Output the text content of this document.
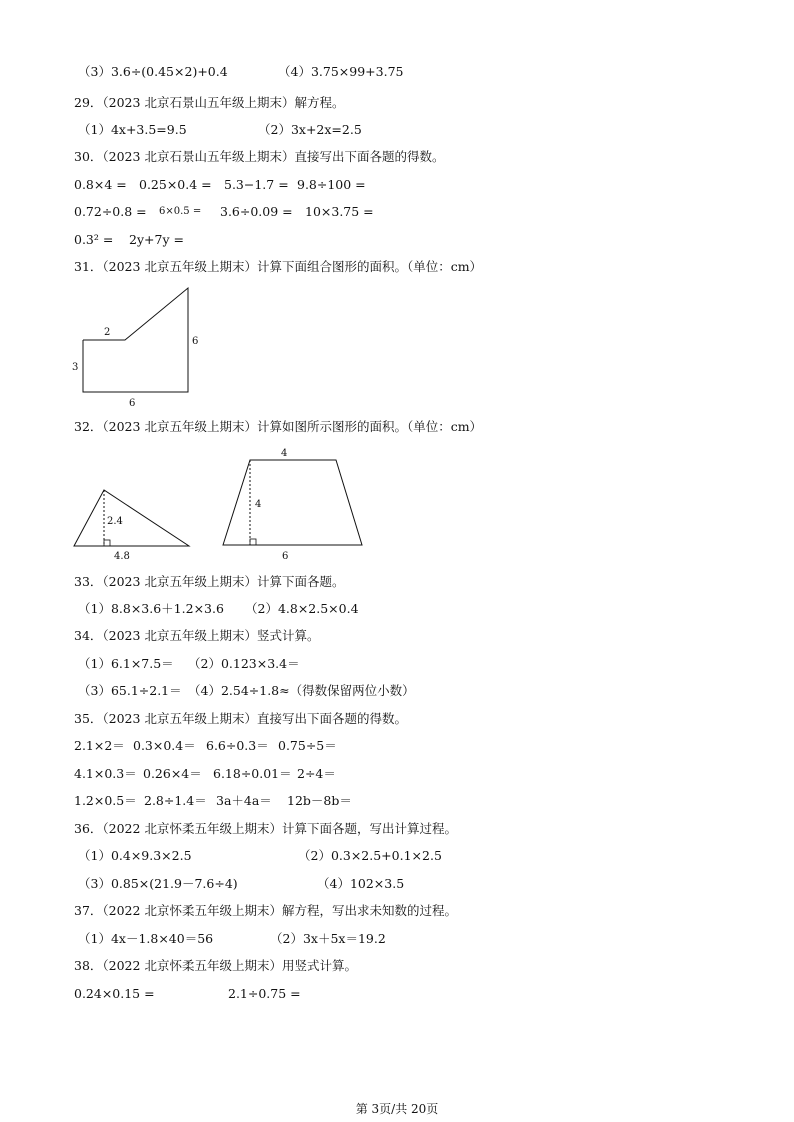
（3）3.6÷(0.45×2)+0.4	（4）3.75×99+3.75
29．（2023 北京石景山五年级上期末）解方程。
（1）4x+3.5=9.5	（2）3x+2x=2.5
30．（2023 北京石景山五年级上期末）直接写出下面各题的得数。
0.8×4 = 0.25×0.4 = 5.3−1.7 = 9.8÷100 =
0.72÷0.8 = 6×0.5 = 3.6÷0.09 = 10×3.75 =
0.3² = 2y+7y =
31．（2023 北京五年级上期末）计算下面组合图形的面积。（单位：cm）
2
3
6
6
32．（2023 北京五年级上期末）计算如图所示图形的面积。（单位：cm）
2.4
4.8
4
4
6
33．（2023 北京五年级上期末）计算下面各题。
（1）8.8×3.6＋1.2×3.6 （2）4.8×2.5×0.4
34．（2023 北京五年级上期末）竖式计算。
（1）6.1×7.5＝ （2）0.123×3.4＝
（3）65.1÷2.1＝ （4）2.54÷1.8≈（得数保留两位小数）
35．（2023 北京五年级上期末）直接写出下面各题的得数。
2.1×2＝ 0.3×0.4＝ 6.6÷0.3＝ 0.75÷5＝
4.1×0.3＝ 0.26×4＝ 6.18÷0.01＝ 2÷4＝
1.2×0.5＝ 2.8÷1.4＝ 3a＋4a＝ 12b－8b＝
36．（2022 北京怀柔五年级上期末）计算下面各题，写出计算过程。
（1）0.4×9.3×2.5	（2）0.3×2.5+0.1×2.5
（3）0.85×(21.9－7.6÷4)	（4）102×3.5
37．（2022 北京怀柔五年级上期末）解方程，写出求未知数的过程。
（1）4x－1.8×40＝56	（2）3x＋5x＝19.2
38．（2022 北京怀柔五年级上期末）用竖式计算。
0.24×0.15 =	2.1÷0.75 =
第 3页/共 20页
